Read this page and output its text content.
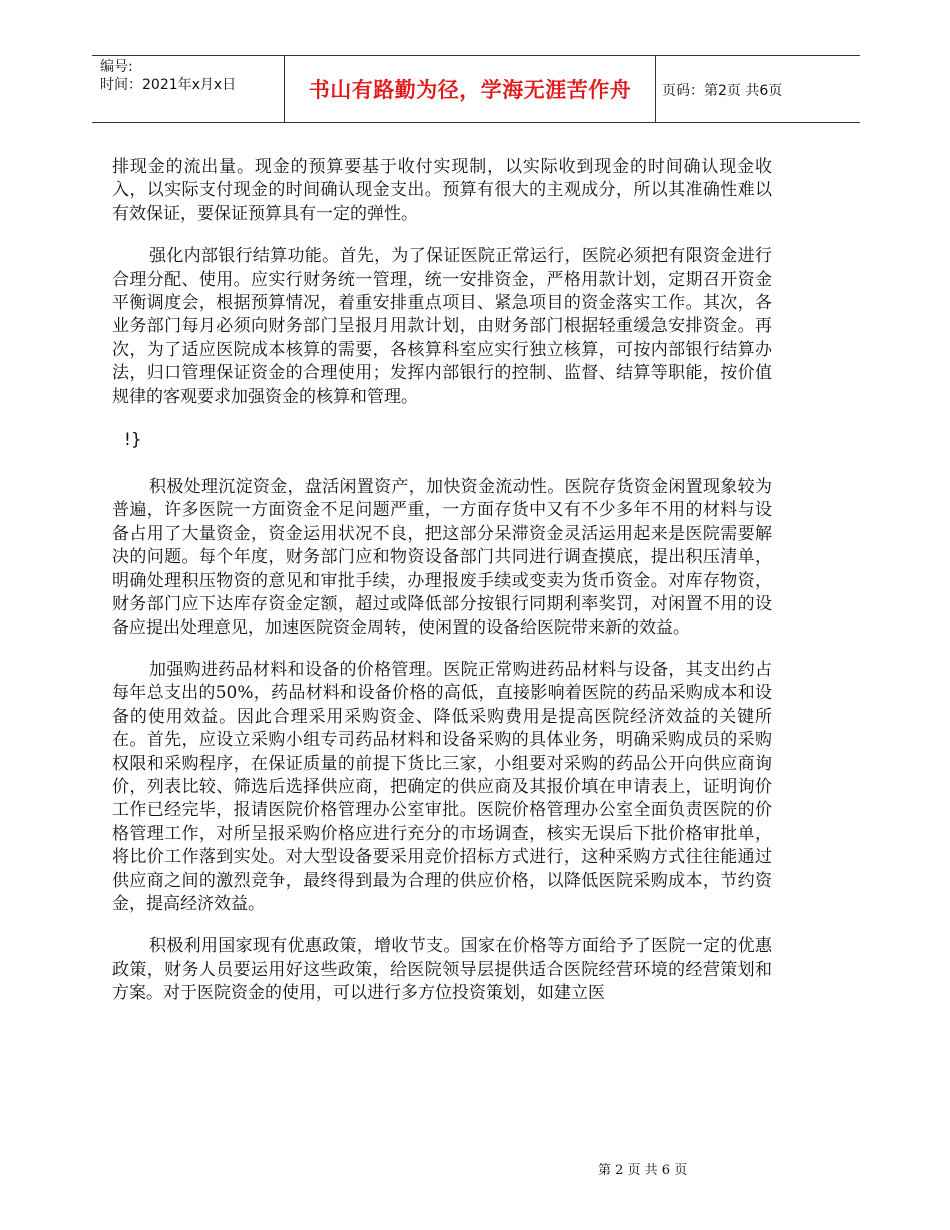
编号:
时间：2021年x月x日	书山有路勤为径，学海无涯苦作舟 页码：第2页 共6页

排现金的流出量。现金的预算要基于收付实现制，以实际收到现金的时间确认现金收入，以实际支付现金的时间确认现金支出。预算有很大的主观成分，所以其准确性难以有效保证，要保证预算具有一定的弹性。

强化内部银行结算功能。首先，为了保证医院正常运行，医院必须把有限资金进行合理分配、使用。应实行财务统一管理，统一安排资金，严格用款计划，定期召开资金平衡调度会，根据预算情况，着重安排重点项目、紧急项目的资金落实工作。其次，各业务部门每月必须向财务部门呈报月用款计划，由财务部门根据轻重缓急安排资金。再次，为了适应医院成本核算的需要，各核算科室应实行独立核算，可按内部银行结算办法，归口管理保证资金的合理使用；发挥内部银行的控制、监督、结算等职能，按价值规律的客观要求加强资金的核算和管理。

!}

积极处理沉淀资金，盘活闲置资产，加快资金流动性。医院存货资金闲置现象较为普遍，许多医院一方面资金不足问题严重，一方面存货中又有不少多年不用的材料与设备占用了大量资金，资金运用状况不良，把这部分呆滞资金灵活运用起来是医院需要解决的问题。每个年度，财务部门应和物资设备部门共同进行调查摸底，提出积压清单，明确处理积压物资的意见和审批手续，办理报废手续或变卖为货币资金。对库存物资，财务部门应下达库存资金定额，超过或降低部分按银行同期利率奖罚，对闲置不用的设备应提出处理意见，加速医院资金周转，使闲置的设备给医院带来新的效益。

加强购进药品材料和设备的价格管理。医院正常购进药品材料与设备，其支出约占每年总支出的50%，药品材料和设备价格的高低，直接影响着医院的药品采购成本和设备的使用效益。因此合理采用采购资金、降低采购费用是提高医院经济效益的关键所在。首先，应设立采购小组专司药品材料和设备采购的具体业务，明确采购成员的采购权限和采购程序，在保证质量的前提下货比三家，小组要对采购的药品公开向供应商询价，列表比较、筛选后选择供应商，把确定的供应商及其报价填在申请表上，证明询价工作已经完毕，报请医院价格管理办公室审批。医院价格管理办公室全面负责医院的价格管理工作，对所呈报采购价格应进行充分的市场调查，核实无误后下批价格审批单，将比价工作落到实处。对大型设备要采用竞价招标方式进行，这种采购方式往往能通过供应商之间的激烈竞争，最终得到最为合理的供应价格，以降低医院采购成本，节约资金，提高经济效益。

积极利用国家现有优惠政策，增收节支。国家在价格等方面给予了医院一定的优惠政策，财务人员要运用好这些政策，给医院领导层提供适合医院经营环境的经营策划和方案。对于医院资金的使用，可以进行多方位投资策划，如建立医

第 2 页 共 6 页
